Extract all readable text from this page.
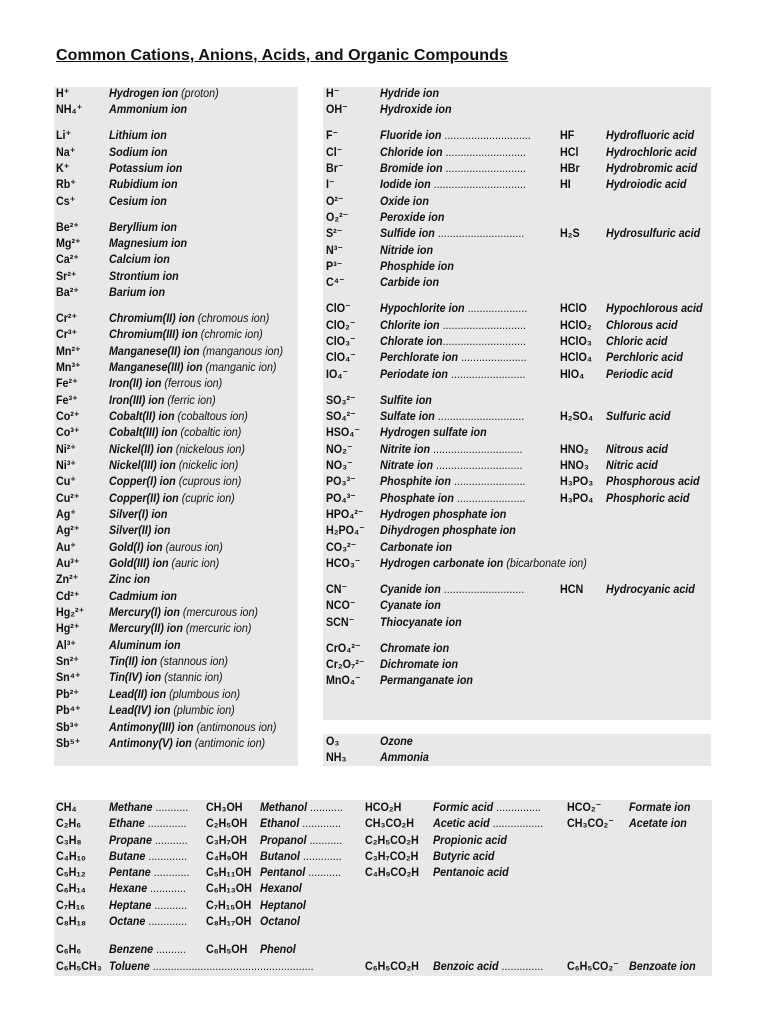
Common Cations, Anions, Acids, and Organic Compounds
H⁺	Hydrogen ion (proton)
NH₄⁺ Ammonium ion
Li⁺	Lithium ion
Na⁺	Sodium ion
K⁺	Potassium ion
Rb⁺	Rubidium ion
Cs⁺	Cesium ion
Be²⁺ Beryllium ion
Mg²⁺ Magnesium ion
Ca²⁺ Calcium ion
Sr²⁺	Strontium ion
Ba²⁺ Barium ion
Cr²⁺	Chromium(II) ion (chromous ion)
Cr³⁺	Chromium(III) ion (chromic ion)
Mn²⁺ Manganese(II) ion (manganous ion)
Mn³⁺ Manganese(III) ion (manganic ion)
Fe²⁺	Iron(II) ion (ferrous ion)
Fe³⁺	Iron(III) ion (ferric ion)
Co²⁺ Cobalt(II) ion (cobaltous ion)
Co³⁺ Cobalt(III) ion (cobaltic ion)
Ni²⁺	Nickel(II) ion (nickelous ion)
Ni³⁺	Nickel(III) ion (nickelic ion)
Cu⁺	Copper(I) ion (cuprous ion)
Cu²⁺ Copper(II) ion (cupric ion)
Ag⁺	Silver(I) ion
Ag²⁺ Silver(II) ion
Au⁺	Gold(I) ion (aurous ion)
Au³⁺ Gold(III) ion (auric ion)
Zn²⁺	Zinc ion
Cd²⁺ Cadmium ion
Hg₂²⁺ Mercury(I) ion (mercurous ion)
Hg²⁺ Mercury(II) ion (mercuric ion)
Al³⁺	Aluminum ion
Sn²⁺ Tin(II) ion (stannous ion)
Sn⁴⁺ Tin(IV) ion (stannic ion)
Pb²⁺ Lead(II) ion (plumbous ion)
Pb⁴⁺ Lead(IV) ion (plumbic ion)
Sb³⁺ Antimony(III) ion (antimonous ion)
Sb⁵⁺ Antimony(V) ion (antimonic ion)
H⁻	Hydride ion
OH⁻	Hydroxide ion
F⁻	Fluoride ion ............................. HF	Hydrofluoric acid
Cl⁻	Chloride ion ...........................	HCl Hydrochloric acid
Br⁻	Bromide ion ...........................	HBr Hydrobromic acid
I⁻	Iodide ion ...............................	HI	Hydroiodic acid
O²⁻	Oxide ion
O₂²⁻	Peroxide ion
S²⁻	Sulfide ion .............................	H₂S Hydrosulfuric acid
N³⁻	Nitride ion
P³⁻	Phosphide ion
C⁴⁻	Carbide ion
ClO⁻ Hypochlorite ion ....................	HClO Hypochlorous acid
ClO₂⁻ Chlorite ion ............................	HClO₂ Chlorous acid
ClO₃⁻ Chlorate ion............................	HClO₃ Chloric acid
ClO₄⁻ Perchlorate ion ......................	HClO₄ Perchloric acid
IO₄⁻	Periodate ion .........................	HIO₄ Periodic acid
SO₃²⁻ Sulfite ion
SO₄²⁻ Sulfate ion .............................	H₂SO₄ Sulfuric acid
HSO₄⁻ Hydrogen sulfate ion
NO₂⁻ Nitrite ion ..............................	HNO₂ Nitrous acid
NO₃⁻ Nitrate ion .............................	HNO₃ Nitric acid
PO₃³⁻ Phosphite ion ........................	H₃PO₃ Phosphorous acid
PO₄³⁻ Phosphate ion .......................	H₃PO₄ Phosphoric acid
HPO₄²⁻ Hydrogen phosphate ion
H₂PO₄⁻ Dihydrogen phosphate ion
CO₃²⁻ Carbonate ion
HCO₃⁻ Hydrogen carbonate ion (bicarbonate ion)
CN⁻	Cyanide ion ...........................	HCN Hydrocyanic acid
NCO⁻ Cyanate ion
SCN⁻ Thiocyanate ion
CrO₄²⁻ Chromate ion
Cr₂O₇²⁻ Dichromate ion
MnO₄⁻ Permanganate ion
O₃	Ozone
NH₃	Ammonia
CH₄	Methane ........... CH₃OH Methanol ........... HCO₂H	Formic acid ............... HCO₂⁻ Formate ion
C₂H₆ Ethane ............. C₂H₅OH Ethanol ............. CH₃CO₂H Acetic acid ................. CH₃CO₂⁻ Acetate ion
C₃H₈ Propane ........... C₃H₇OH Propanol ........... C₂H₅CO₂H Propionic acid
C₄H₁₀ Butane ............. C₄H₉OH Butanol ............. C₃H₇CO₂H Butyric acid
C₅H₁₂ Pentane ............ C₅H₁₁OH Pentanol ........... C₄H₉CO₂H Pentanoic acid
C₆H₁₄ Hexane ............ C₆H₁₃OH Hexanol
C₇H₁₆ Heptane ........... C₇H₁₅OH Heptanol
C₈H₁₈ Octane ............. C₈H₁₇OH Octanol
C₆H₆ Benzene .......... C₆H₅OH Phenol
C₆H₅CH₃ Toluene ......................................................	C₆H₅CO₂H Benzoic acid .............. C₆H₅CO₂⁻ Benzoate ion
